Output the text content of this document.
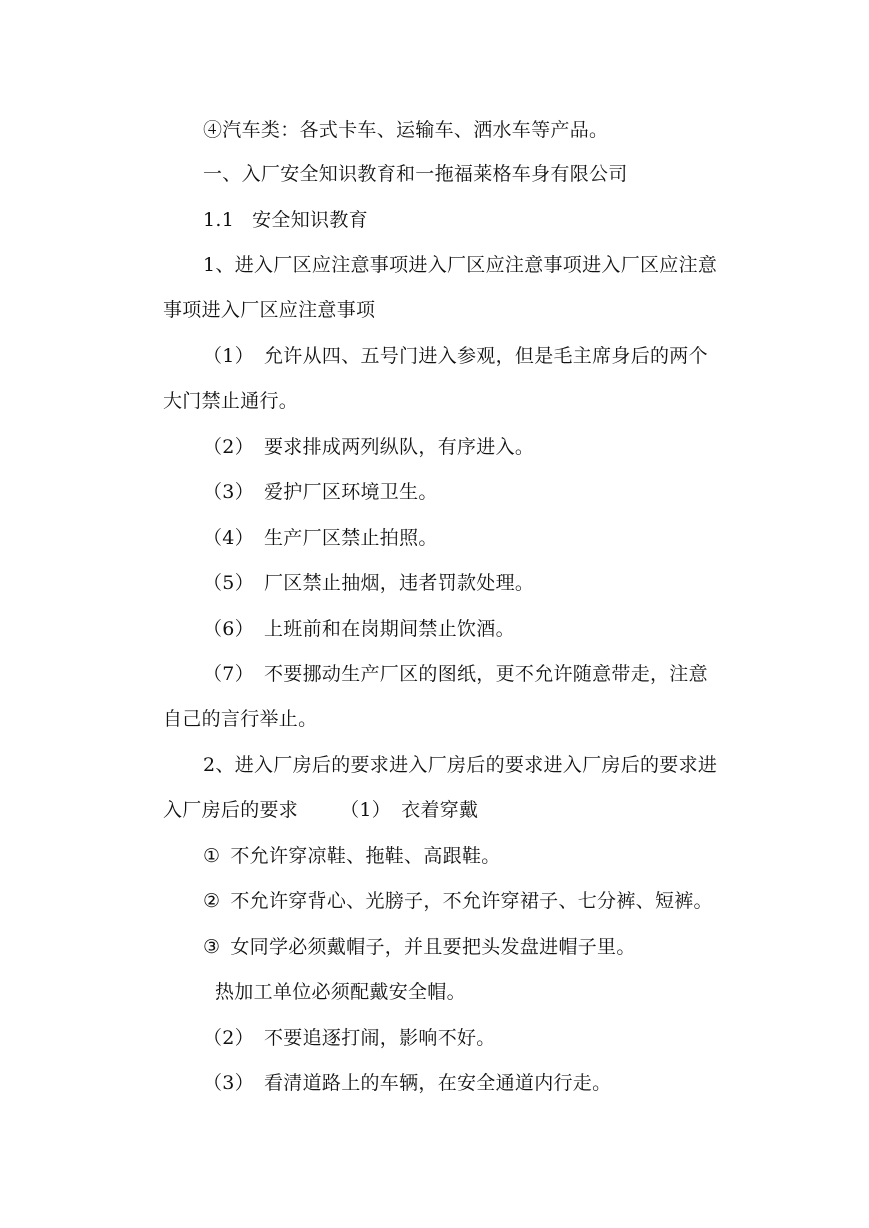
④汽车类：各式卡车、运输车、洒水车等产品。
一、入厂安全知识教育和一拖福莱格车身有限公司
1.1 安全知识教育
1、进入厂区应注意事项进入厂区应注意事项进入厂区应注意
事项进入厂区应注意事项
（1） 允许从四、五号门进入参观，但是毛主席身后的两个
大门禁止通行。
（2） 要求排成两列纵队，有序进入。
（3） 爱护厂区环境卫生。
（4） 生产厂区禁止拍照。
（5） 厂区禁止抽烟，违者罚款处理。
（6） 上班前和在岗期间禁止饮酒。
（7） 不要挪动生产厂区的图纸，更不允许随意带走，注意
自己的言行举止。
2、进入厂房后的要求进入厂房后的要求进入厂房后的要求进
入厂房后的要求 （1） 衣着穿戴
① 不允许穿凉鞋、拖鞋、高跟鞋。
② 不允许穿背心、光膀子，不允许穿裙子、七分裤、短裤。
③ 女同学必须戴帽子，并且要把头发盘进帽子里。
热加工单位必须配戴安全帽。
（2） 不要追逐打闹，影响不好。
（3） 看清道路上的车辆，在安全通道内行走。
